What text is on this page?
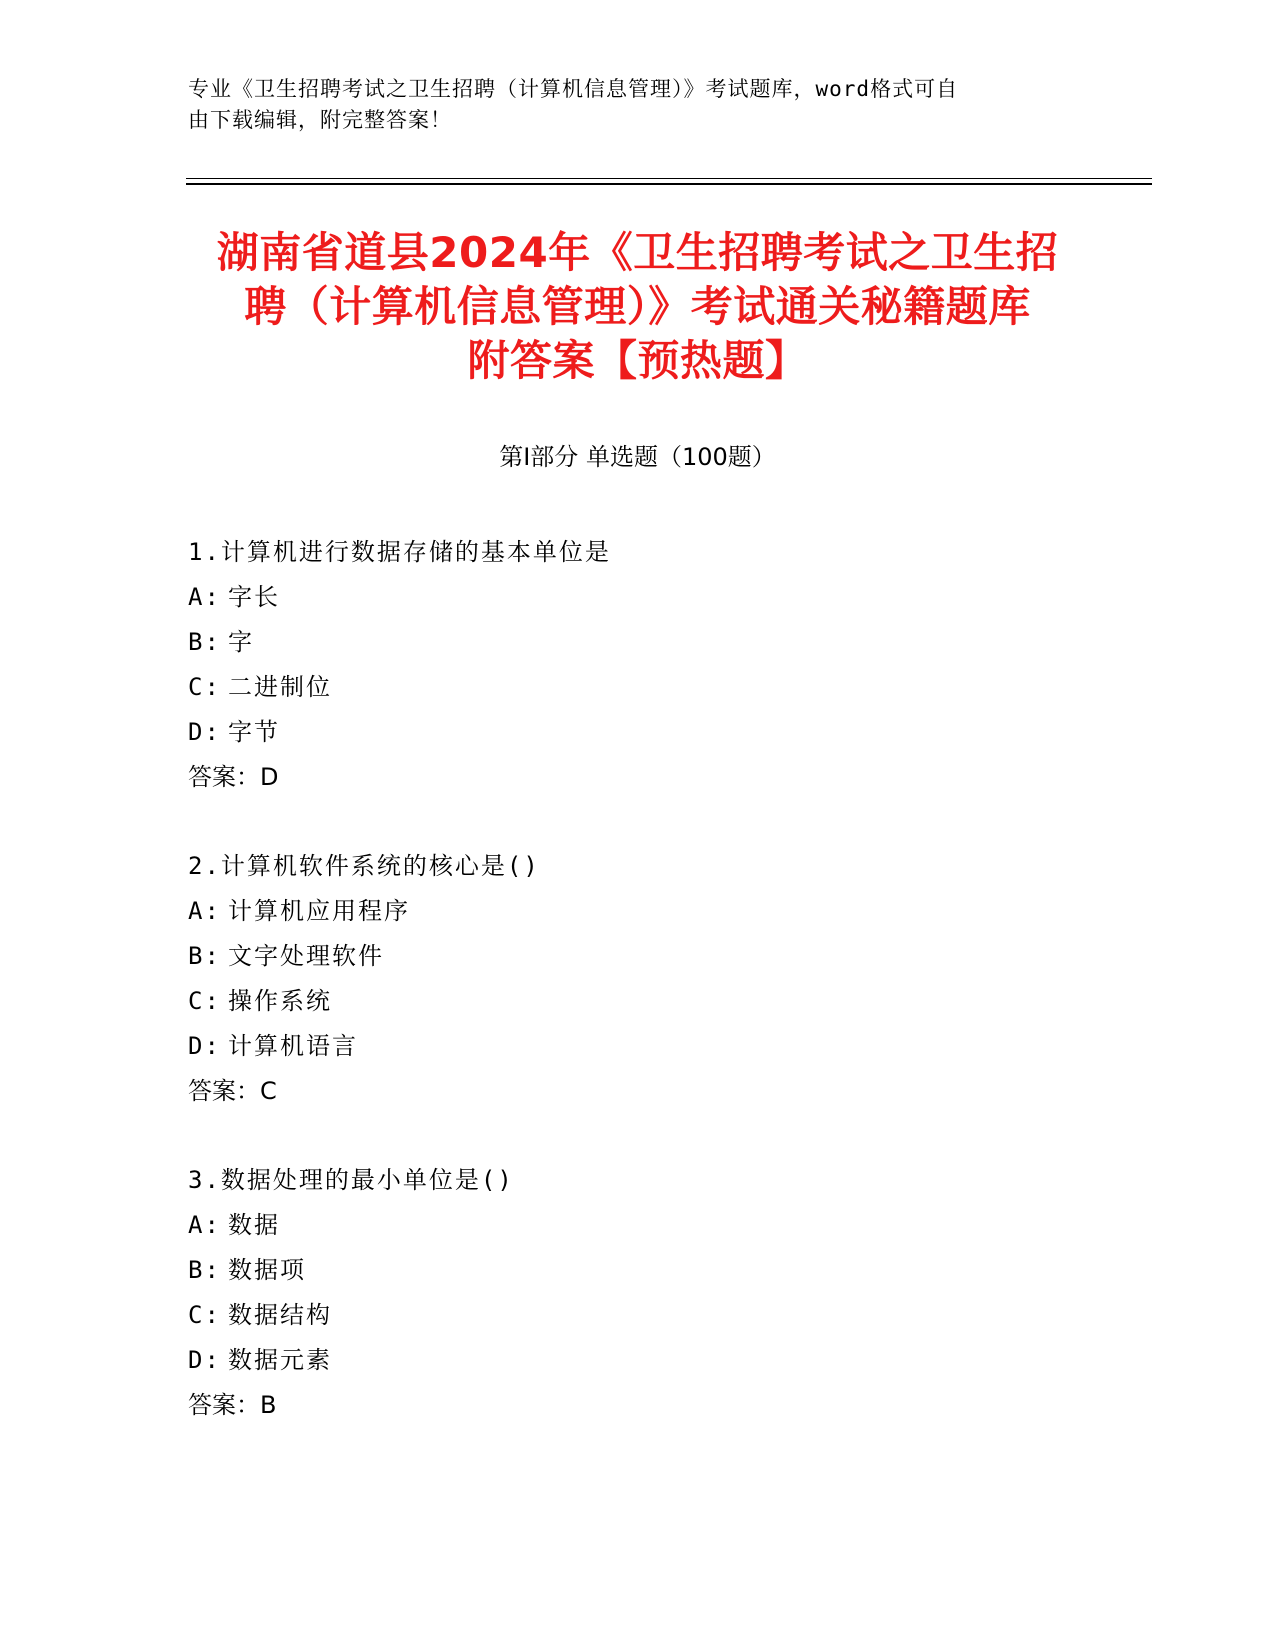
专业《卫生招聘考试之卫生招聘（计算机信息管理）》考试题库，word格式可自
由下载编辑，附完整答案！
湖南省道县2024年《卫生招聘考试之卫生招
聘（计算机信息管理）》考试通关秘籍题库
附答案【预热题】
第Ⅰ部分 单选题（100题）
1.计算机进行数据存储的基本单位是
A: 字长
B: 字
C: 二进制位
D: 字节
答案：D
2.计算机软件系统的核心是()
A: 计算机应用程序
B: 文字处理软件
C: 操作系统
D: 计算机语言
答案：C
3.数据处理的最小单位是()
A: 数据
B: 数据项
C: 数据结构
D: 数据元素
答案：B
